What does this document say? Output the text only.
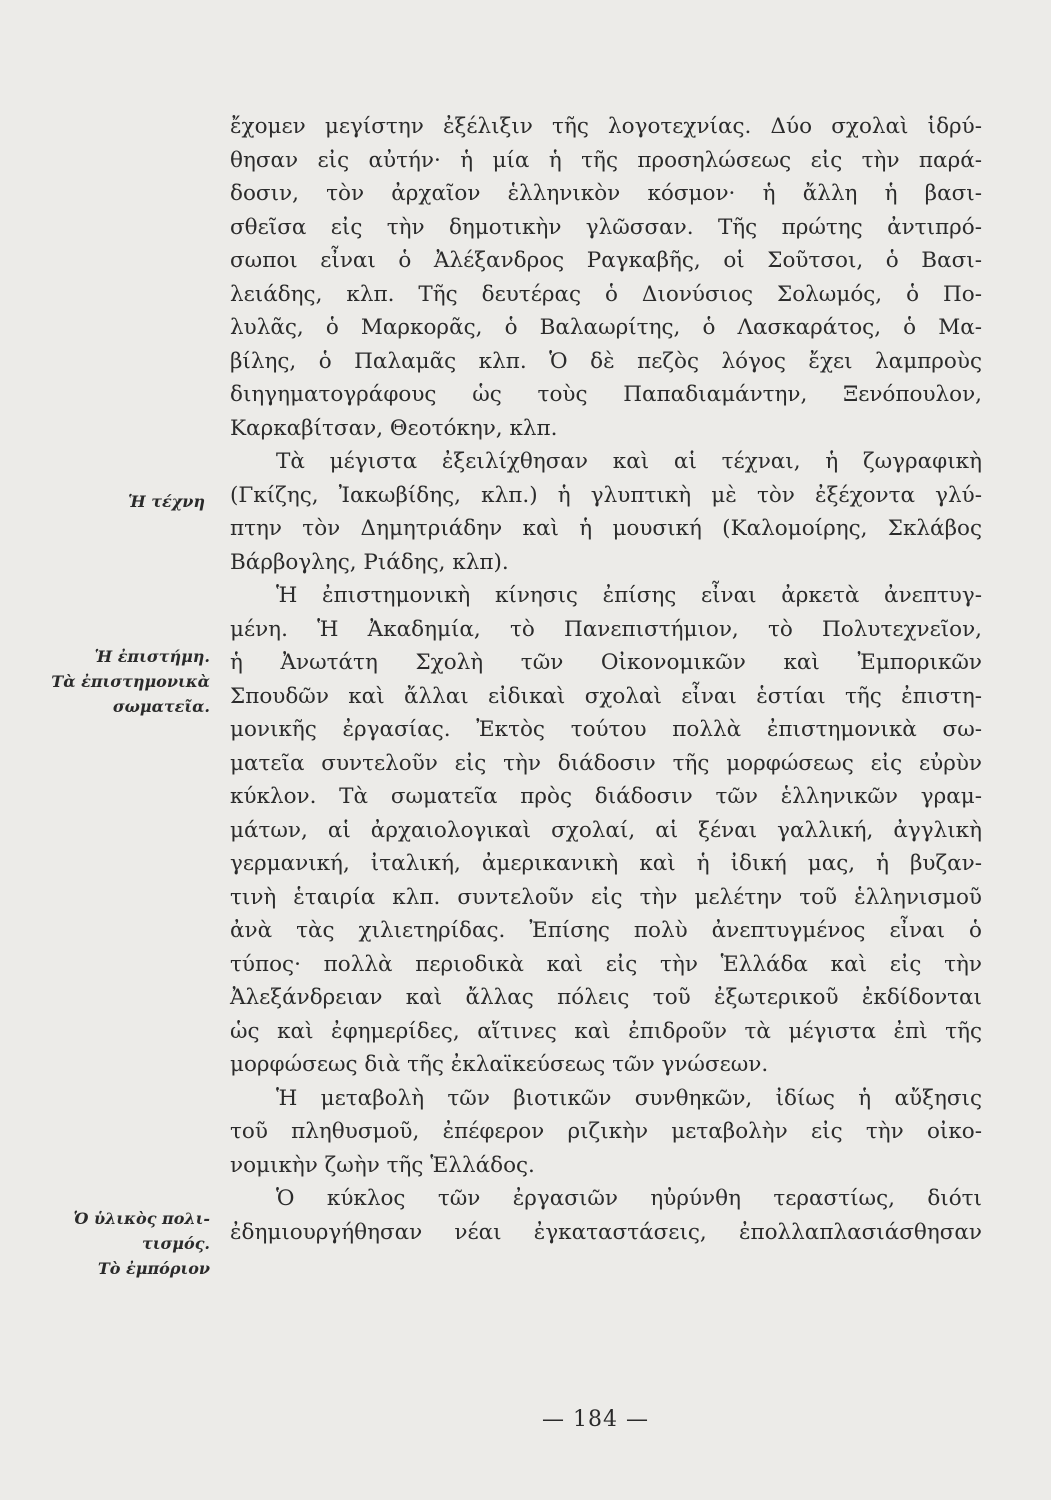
ἔχομεν μεγίστην ἐξέλιξιν τῆς λογοτεχνίας. Δύο σχολαὶ ἱδρύ-
θησαν εἰς αὐτήν· ἡ μία ἡ τῆς προσηλώσεως εἰς τὴν παρά-
δοσιν, τὸν ἀρχαῖον ἑλληνικὸν κόσμον· ἡ ἄλλη ἡ βασι-
σθεῖσα εἰς τὴν δημοτικὴν γλῶσσαν. Τῆς πρώτης ἀντιπρό-
σωποι εἶναι ὁ Ἀλέξανδρος Ραγκαβῆς, οἱ Σοῦτσοι, ὁ Βασι-
λειάδης, κλπ. Τῆς δευτέρας ὁ Διονύσιος Σολωμός, ὁ Πο-
λυλᾶς, ὁ Μαρκορᾶς, ὁ Βαλαωρίτης, ὁ Λασκαράτος, ὁ Μα-
βίλης, ὁ Παλαμᾶς κλπ. Ὁ δὲ πεζὸς λόγος ἔχει λαμπροὺς
διηγηματογράφους ὡς τοὺς Παπαδιαμάντην, Ξενόπουλον,
Καρκαβίτσαν, Θεοτόκην, κλπ.
Τὰ μέγιστα ἐξειλίχθησαν καὶ αἱ τέχναι, ἡ ζωγραφικὴ
(Γκίζης, Ἰακωβίδης, κλπ.) ἡ γλυπτικὴ μὲ τὸν ἐξέχοντα γλύ-
πτην τὸν Δημητριάδην καὶ ἡ μουσική (Καλομοίρης, Σκλάβος
Βάρβογλης, Ριάδης, κλπ).
Ἡ ἐπιστημονικὴ κίνησις ἐπίσης εἶναι ἀρκετὰ ἀνεπτυγ-
μένη. Ἡ Ἀκαδημία, τὸ Πανεπιστήμιον, τὸ Πολυτεχνεῖον,
ἡ Ἀνωτάτη Σχολὴ τῶν Οἰκονομικῶν καὶ Ἐμπορικῶν
Σπουδῶν καὶ ἄλλαι εἰδικαὶ σχολαὶ εἶναι ἑστίαι τῆς ἐπιστη-
μονικῆς ἐργασίας. Ἐκτὸς τούτου πολλὰ ἐπιστημονικὰ σω-
ματεῖα συντελοῦν εἰς τὴν διάδοσιν τῆς μορφώσεως εἰς εὐρὺν
κύκλον. Τὰ σωματεῖα πρὸς διάδοσιν τῶν ἑλληνικῶν γραμ-
μάτων, αἱ ἀρχαιολογικαὶ σχολαί, αἱ ξέναι γαλλική, ἀγγλικὴ
γερμανική, ἰταλική, ἀμερικανικὴ καὶ ἡ ἰδική μας, ἡ βυζαν-
τινὴ ἑταιρία κλπ. συντελοῦν εἰς τὴν μελέτην τοῦ ἑλληνισμοῦ
ἀνὰ τὰς χιλιετηρίδας. Ἐπίσης πολὺ ἀνεπτυγμένος εἶναι ὁ
τύπος· πολλὰ περιοδικὰ καὶ εἰς τὴν Ἑλλάδα καὶ εἰς τὴν
Ἀλεξάνδρειαν καὶ ἄλλας πόλεις τοῦ ἐξωτερικοῦ ἐκδίδονται
ὡς καὶ ἐφημερίδες, αἵτινες καὶ ἐπιδροῦν τὰ μέγιστα ἐπὶ τῆς
μορφώσεως διὰ τῆς ἐκλαϊκεύσεως τῶν γνώσεων.
Ἡ μεταβολὴ τῶν βιοτικῶν συνθηκῶν, ἰδίως ἡ αὔξησις
τοῦ πληθυσμοῦ, ἐπέφερον ριζικὴν μεταβολὴν εἰς τὴν οἰκο-
νομικὴν ζωὴν τῆς Ἑλλάδος.
Ὁ κύκλος τῶν ἐργασιῶν ηὐρύνθη τεραστίως, διότι
ἐδημιουργήθησαν νέαι ἐγκαταστάσεις, ἐπολλαπλασιάσθησαν
Ἡ τέχνη
Ἡ ἐπιστήμη.
Τὰ ἐπιστημονικὰ
σωματεῖα.
Ὁ ὑλικὸς πολι-
τισμός.
Τὸ ἐμπόριον
— 184 —
